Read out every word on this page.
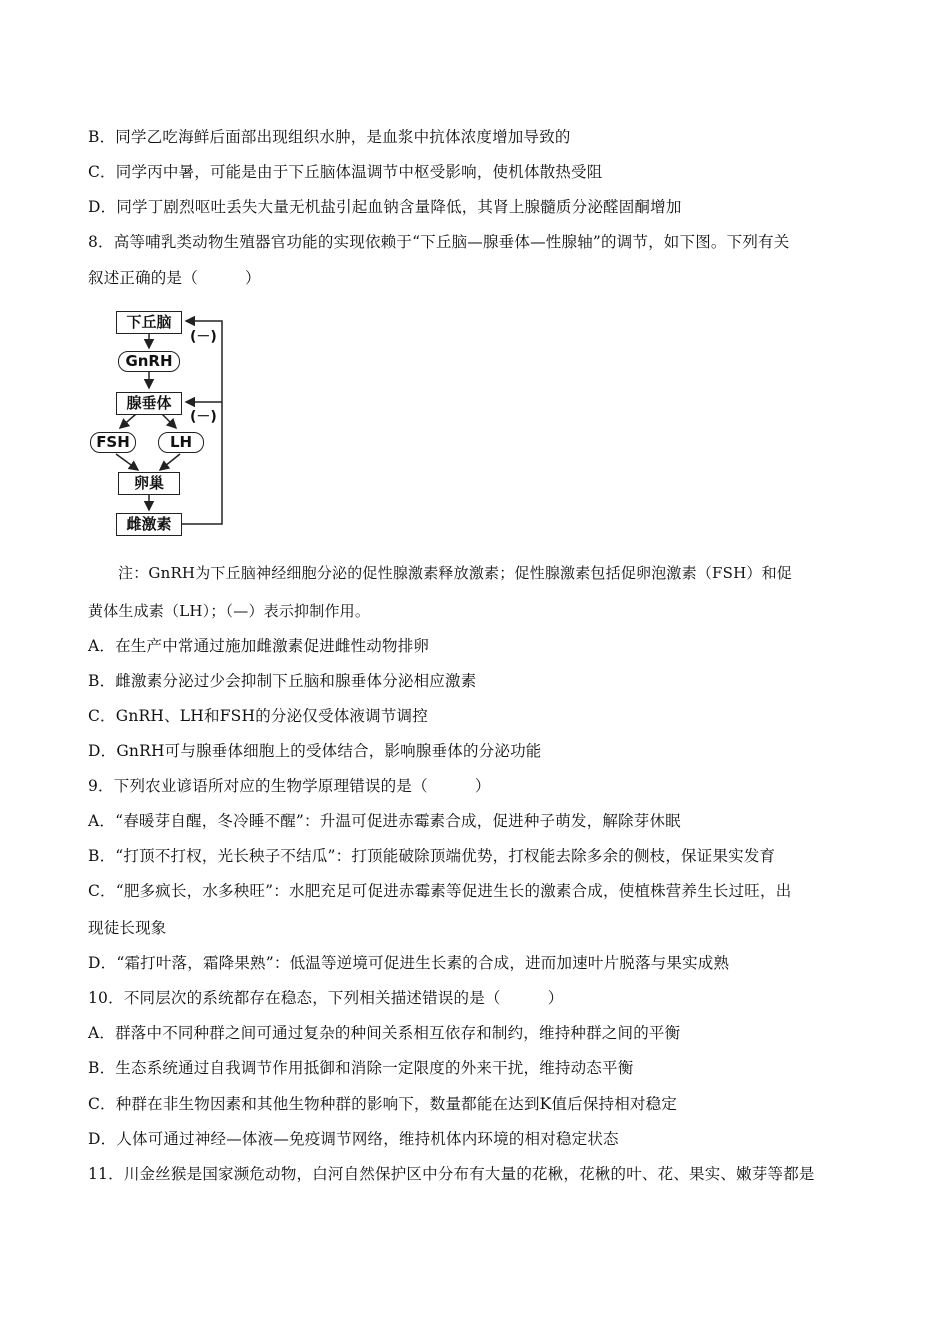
B．同学乙吃海鲜后面部出现组织水肿，是血浆中抗体浓度增加导致的
C．同学丙中暑，可能是由于下丘脑体温调节中枢受影响，使机体散热受阻
D．同学丁剧烈呕吐丢失大量无机盐引起血钠含量降低，其肾上腺髓质分泌醛固酮增加
8．高等哺乳类动物生殖器官功能的实现依赖于“下丘脑—腺垂体—性腺轴”的调节，如下图。下列有关
叙述正确的是（　　　）
下丘脑
(－)
GnRH
腺垂体
(－)
FSH	LH
卵巢
雌激素
注：GnRH为下丘脑神经细胞分泌的促性腺激素释放激素；促性腺激素包括促卵泡激素（FSH）和促
黄体生成素（LH）；（—）表示抑制作用。
A．在生产中常通过施加雌激素促进雌性动物排卵
B．雌激素分泌过少会抑制下丘脑和腺垂体分泌相应激素
C．GnRH、LH和FSH的分泌仅受体液调节调控
D．GnRH可与腺垂体细胞上的受体结合，影响腺垂体的分泌功能
9．下列农业谚语所对应的生物学原理错误的是（　　　）
A．“春暖芽自醒，冬冷睡不醒”：升温可促进赤霉素合成，促进种子萌发，解除芽休眠
B．“打顶不打杈，光长秧子不结瓜”：打顶能破除顶端优势，打杈能去除多余的侧枝，保证果实发育
C．“肥多疯长，水多秧旺”：水肥充足可促进赤霉素等促进生长的激素合成，使植株营养生长过旺，出
现徒长现象
D．“霜打叶落，霜降果熟”：低温等逆境可促进生长素的合成，进而加速叶片脱落与果实成熟
10．不同层次的系统都存在稳态，下列相关描述错误的是（　　　）
A．群落中不同种群之间可通过复杂的种间关系相互依存和制约，维持种群之间的平衡
B．生态系统通过自我调节作用抵御和消除一定限度的外来干扰，维持动态平衡
C．种群在非生物因素和其他生物种群的影响下，数量都能在达到K值后保持相对稳定
D．人体可通过神经—体液—免疫调节网络，维持机体内环境的相对稳定状态
11．川金丝猴是国家濒危动物，白河自然保护区中分布有大量的花楸，花楸的叶、花、果实、嫩芽等都是
